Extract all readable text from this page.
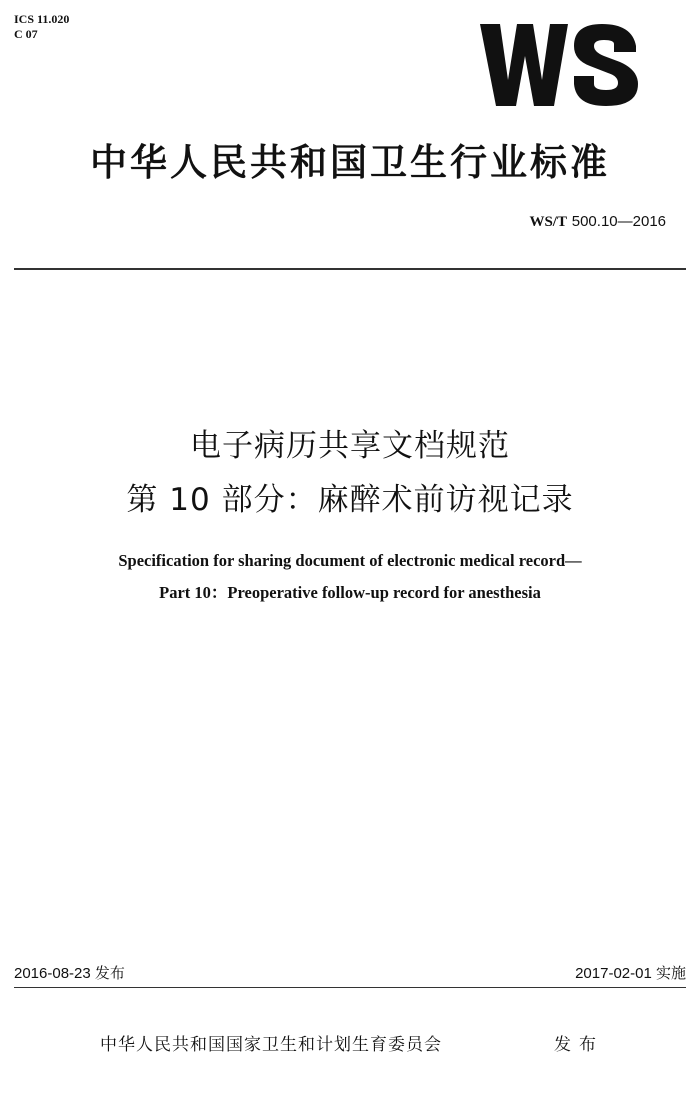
ICS 11.020
C 07
WS
中华人民共和国卫生行业标准
WS/T 500.10—2016
电子病历共享文档规范
第 10 部分：麻醉术前访视记录
Specification for sharing document of electronic medical record—
Part 10：Preoperative follow-up record for anesthesia
2016-08-23 发布	2017-02-01 实施
中华人民共和国国家卫生和计划生育委员会	发布
